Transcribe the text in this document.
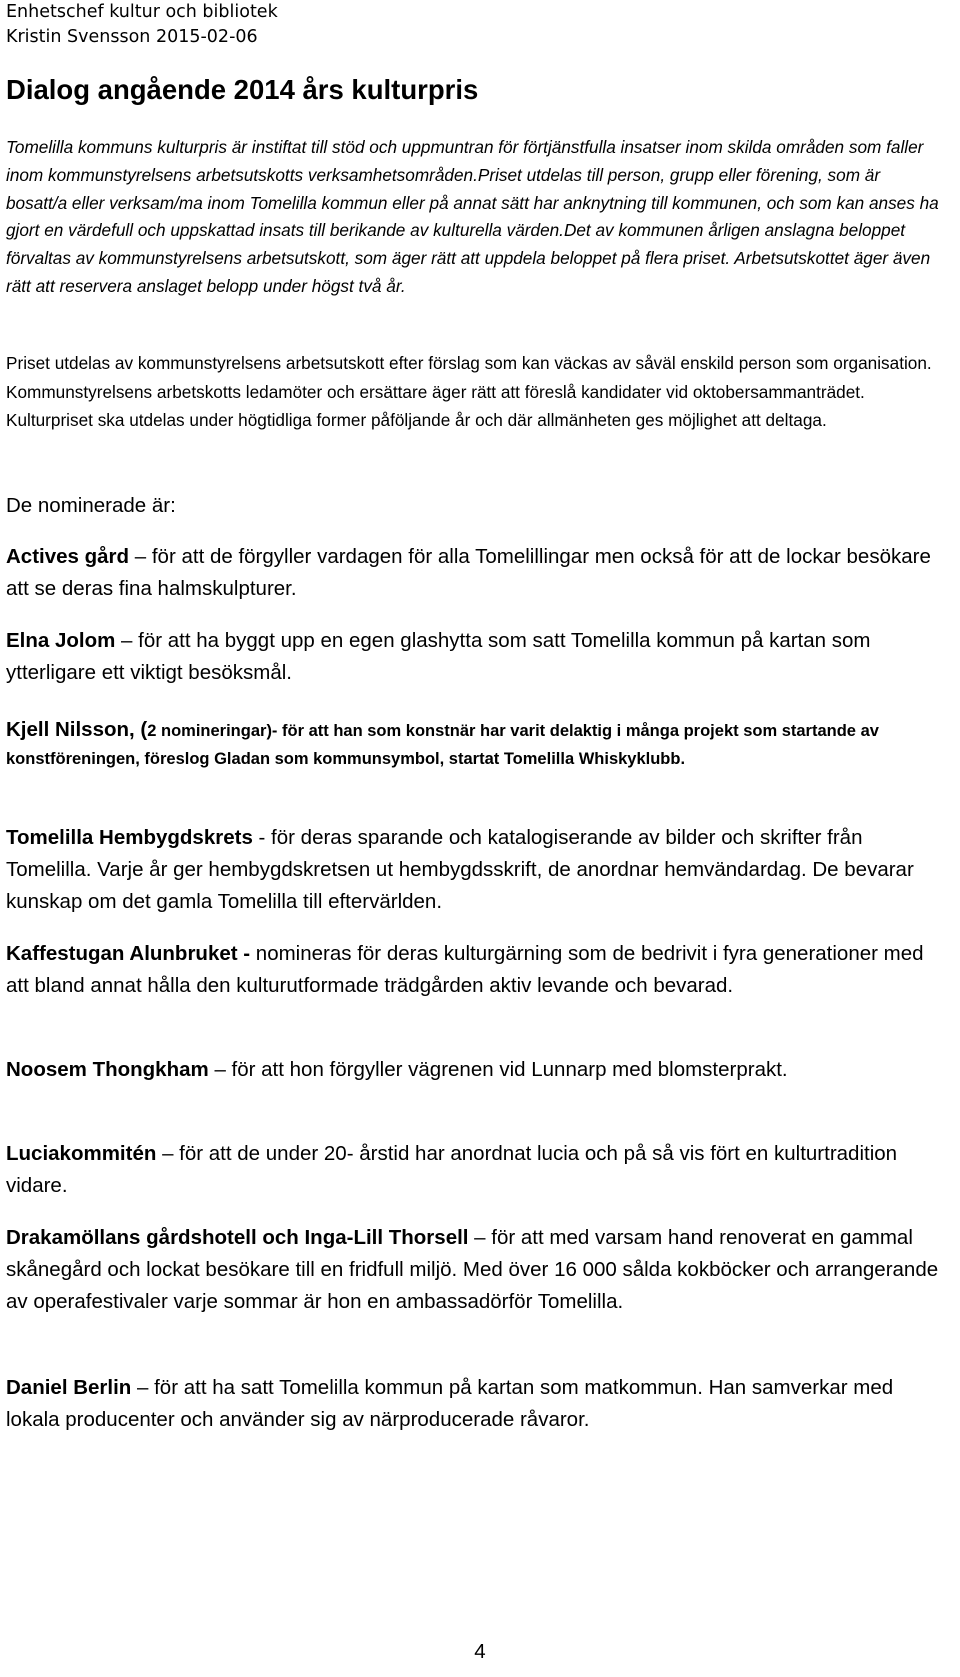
Enhetschef kultur och bibliotek
Kristin Svensson 2015-02-06
Dialog angående 2014 års kulturpris
Tomelilla kommuns kulturpris är instiftat till stöd och uppmuntran för förtjänstfulla insatser inom skilda områden som faller inom kommunstyrelsens arbetsutskotts verksamhetsområden.Priset utdelas till person, grupp eller förening, som är bosatt/a eller verksam/ma inom Tomelilla kommun eller på annat sätt har anknytning till kommunen, och som kan anses ha gjort en värdefull och uppskattad insats till berikande av kulturella värden.Det av kommunen årligen anslagna beloppet förvaltas av kommunstyrelsens arbetsutskott, som äger rätt att uppdela beloppet på flera priset. Arbetsutskottet äger även rätt att reservera anslaget belopp under högst två år.
Priset utdelas av kommunstyrelsens arbetsutskott efter förslag som kan väckas av såväl enskild person som organisation. Kommunstyrelsens arbetskotts ledamöter och ersättare äger rätt att föreslå kandidater vid oktobersammanträdet. Kulturpriset ska utdelas under högtidliga former påföljande år och där allmänheten ges möjlighet att deltaga.
De nominerade är:
Actives gård – för att de förgyller vardagen för alla Tomelillingar men också för att de lockar besökare att se deras fina halmskulpturer.
Elna Jolom – för att ha byggt upp en egen glashytta som satt Tomelilla kommun på kartan som ytterligare ett viktigt besöksmål.
Kjell Nilsson, (2 nomineringar)- för att han som konstnär har varit delaktig i många projekt som startande av konstföreningen, föreslog Gladan som kommunsymbol, startat Tomelilla Whiskyklubb.
Tomelilla Hembygdskrets - för deras sparande och katalogiserande av bilder och skrifter från Tomelilla. Varje år ger hembygdskretsen ut hembygdsskrift, de anordnar hemvändardag. De bevarar kunskap om det gamla Tomelilla till eftervärlden.
Kaffestugan Alunbruket - nomineras för deras kulturgärning som de bedrivit i fyra generationer med att bland annat hålla den kulturutformade trädgården aktiv levande och bevarad.
Noosem Thongkham – för att hon förgyller vägrenen vid Lunnarp med blomsterprakt.
Luciakommitén – för att de under 20- årstid har anordnat lucia och på så vis fört en kulturtradition vidare.
Drakamöllans gårdshotell och Inga-Lill Thorsell – för att med varsam hand renoverat en gammal skånegård och lockat besökare till en fridfull miljö. Med över 16 000 sålda kokböcker och arrangerande av operafestivaler varje sommar är hon en ambassadörför Tomelilla.
Daniel Berlin – för att ha satt Tomelilla kommun på kartan som matkommun. Han samverkar med lokala producenter och använder sig av närproducerade råvaror.
4
